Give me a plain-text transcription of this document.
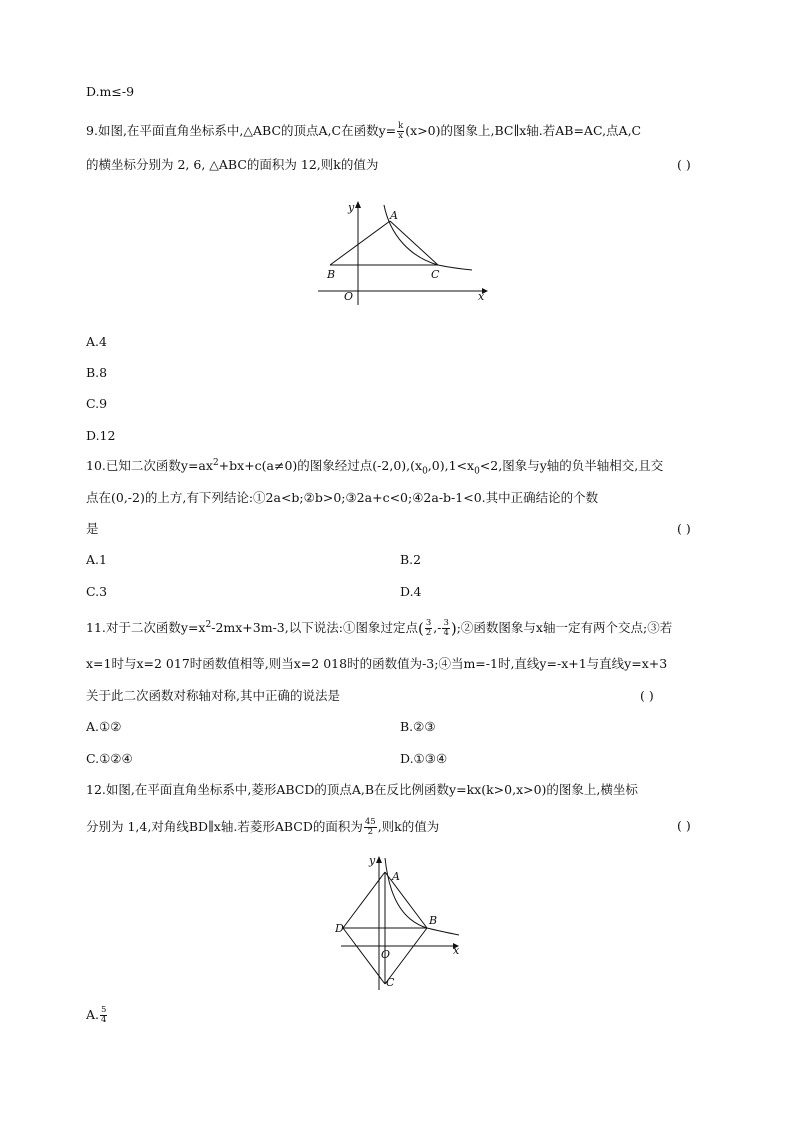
D.m≤-9
9.如图,在平面直角坐标系中,△ABC的顶点A,C在函数$y= \frac{k}{x} (x>0)$的图象上,BC∥x轴.若AB=AC,点A,C
的横坐标分别为 2, 6, △ABC的面积为 12,则k的值为	( )
y
x
O
A
B	C
A.4
B.8
C.9
D.12
10.已知二次函数$y=ax^2+bx+c(a\ne 0)$的图象经过点$(-2,0),(x_0,0),1<x_0<2$,图象与y轴的负半轴相交,且交
点在(0,-2)的上方,有下列结论:①2a<b;②b>0;③2a+c<0;④2a-b-1<0.其中正确结论的个数
是	( )
A.1	B.2
C.3	D.4
11.对于二次函数$y=x^2-2mx+3m-3$,以下说法:①图象过定点( $\frac{3}{2}$ ,- $\frac{3}{4}$ );②函数图象与x轴一定有两个交点;③若
x=1时与x=2 017时函数值相等,则当x=2 018时的函数值为-3;④当m=-1时,直线y=-x+1与直线y=x+3
关于此二次函数对称轴对称,其中正确的说法是	( )
A.①②	B.②③
C.①②④	D.①③④
12.如图,在平面直角坐标系中,菱形ABCD的顶点A,B在反比例函数y=kx(k>0,x>0)的图象上,横坐标
分别为 1,4,对角线BD∥x轴.若菱形ABCD的面积为 $\frac{45}{2}$ ,则k的值为	( )
y
x
O
A
B
C
D
A. $\frac{5}{4}$
